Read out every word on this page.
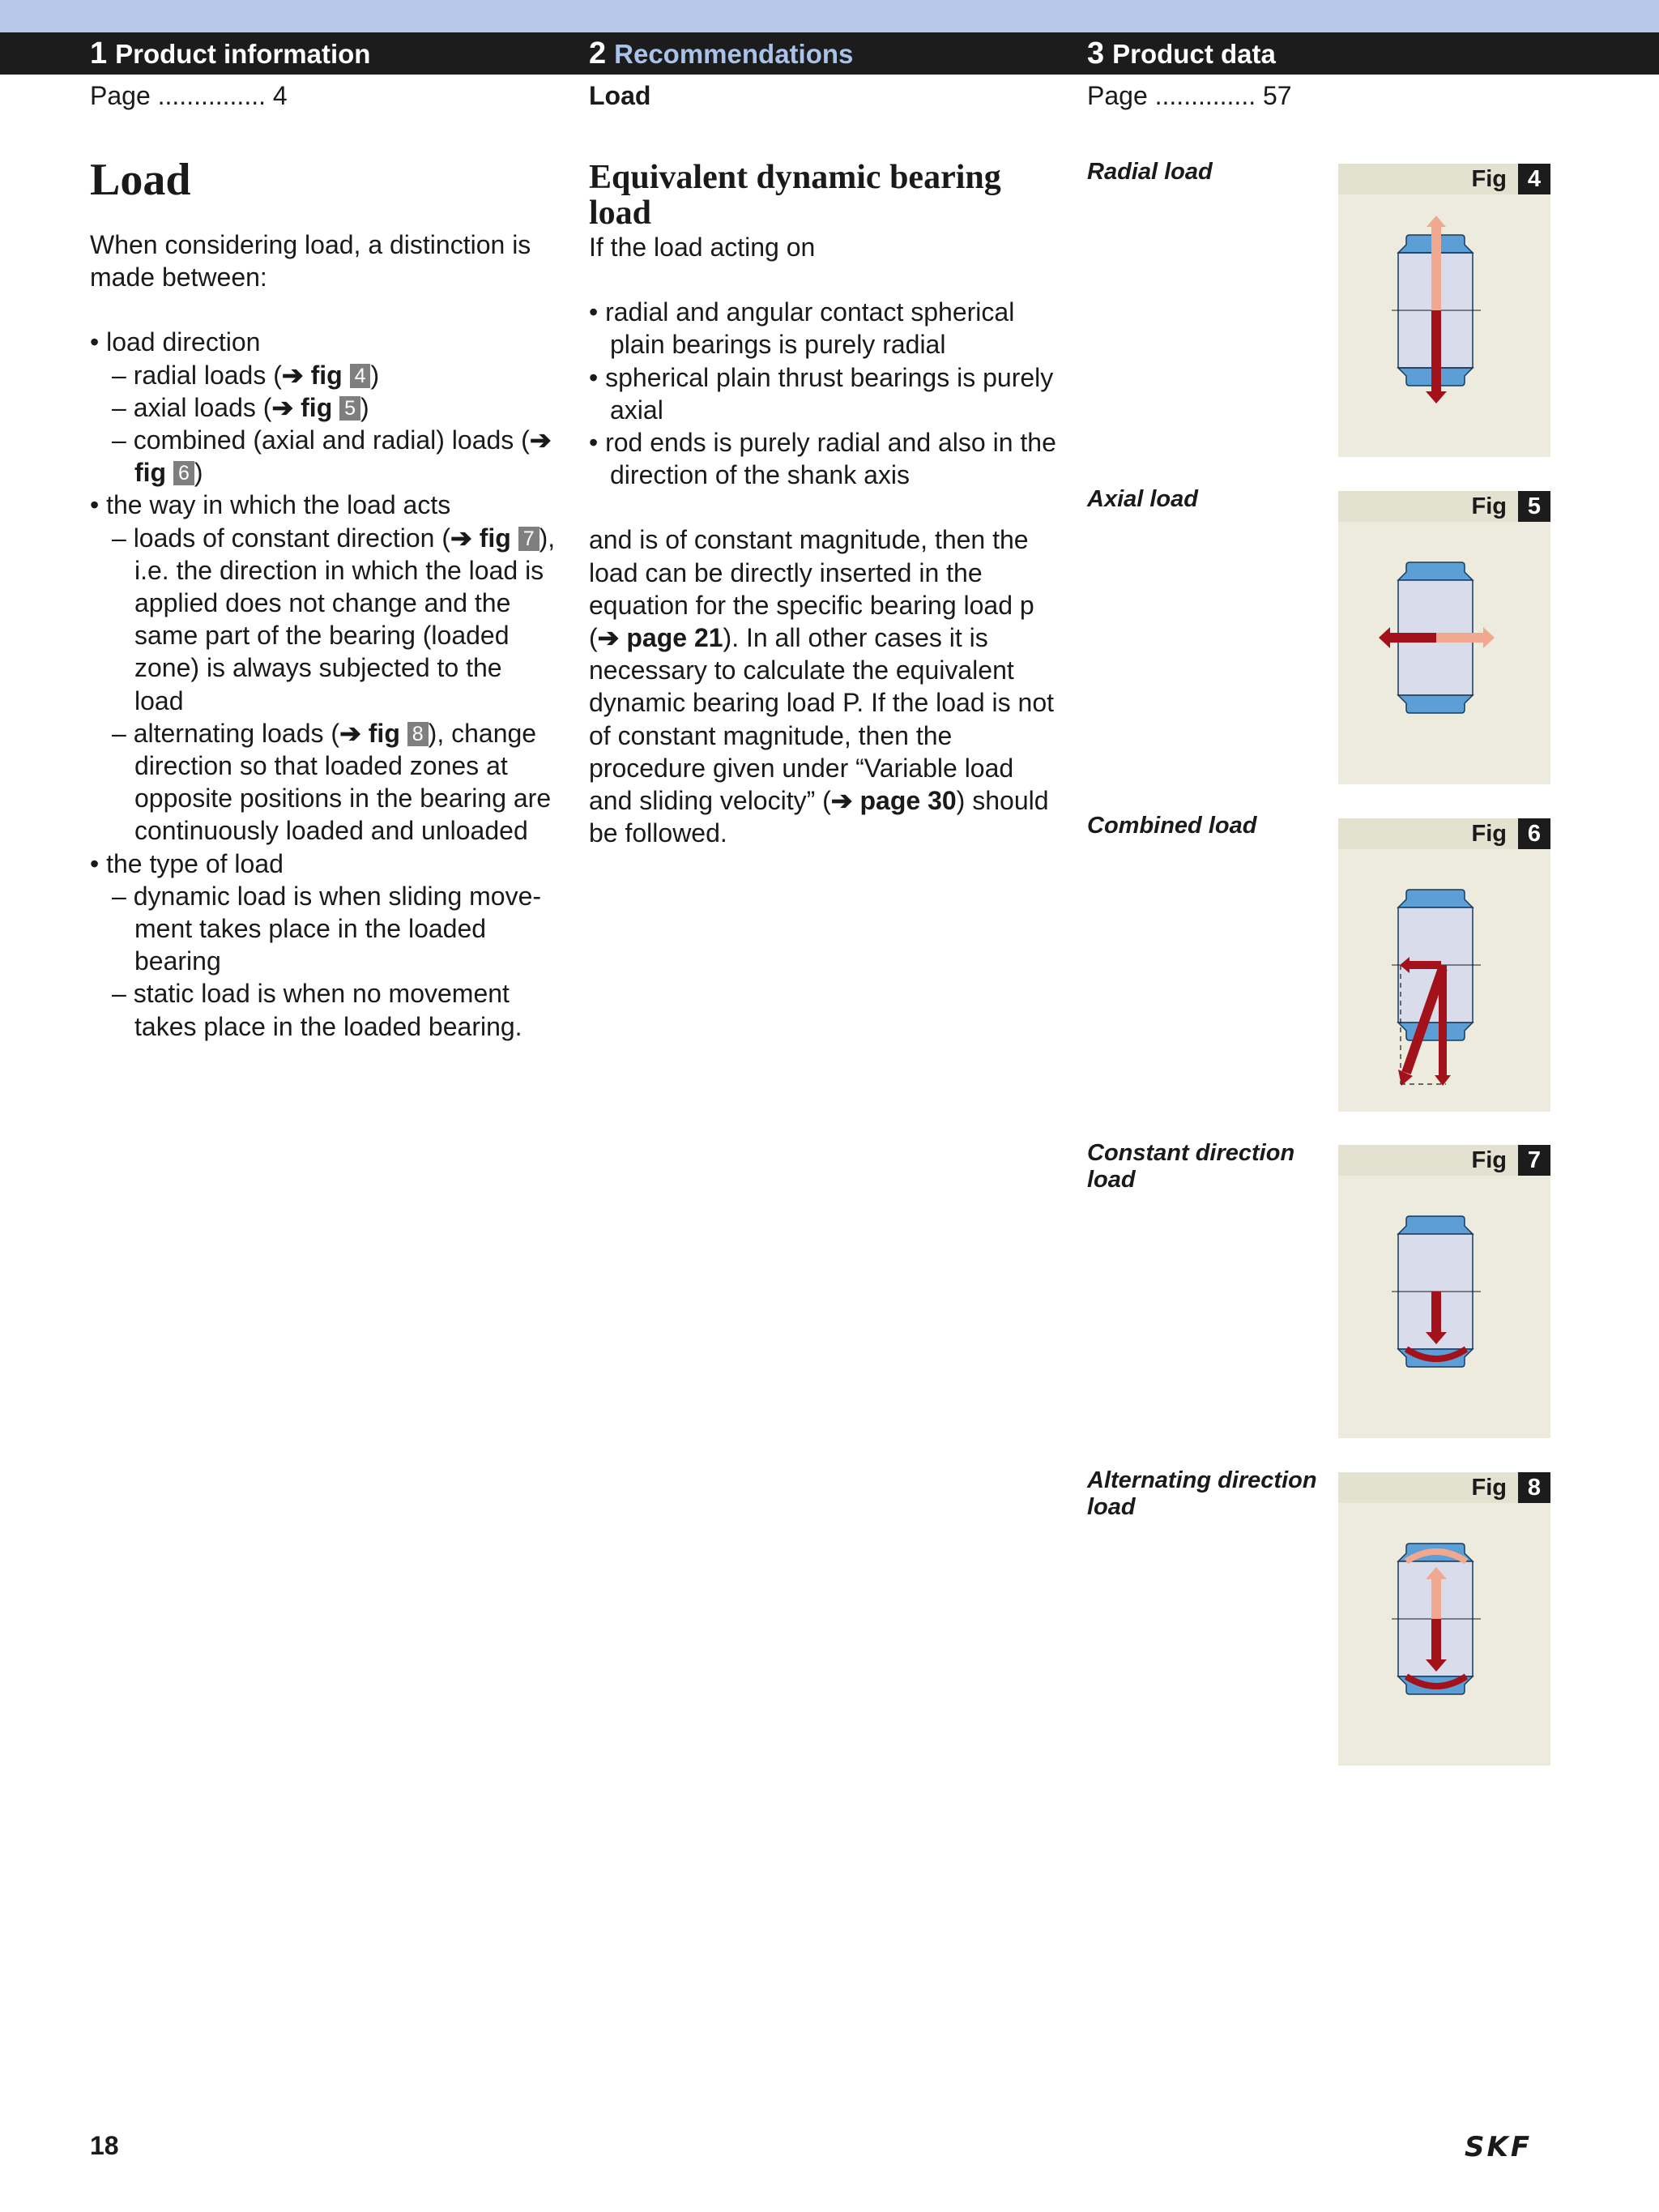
1 Product information	2 Recommendations	3 Product data
Page ............... 4	Load	Page .............. 57
Load

When considering load, a distinction is made between:

• load direction

– radial loads (➔ fig 4 )

– axial loads (➔ fig 5 )

– combined (axial and radial) loads (➔ fig 6 )

• the way in which the load acts

– loads of constant direction (➔ fig 7 ), i.e. the direction in which the load is applied does not change and the same part of the bearing (loaded zone) is always subjected to the load

– alternating loads (➔ fig 8 ), change direction so that loaded zones at opposite positions in the bearing are continuously loaded and unloaded

• the type of load

– dynamic load is when sliding move-ment takes place in the loaded bearing

– static load is when no movement takes place in the loaded bearing.

Equivalent dynamic bearing load

If the load acting on

• radial and angular contact spherical plain bearings is purely radial

• spherical plain thrust bearings is purely axial

• rod ends is purely radial and also in the direction of the shank axis

and is of constant magnitude, then the load can be directly inserted in the equation for the specific bearing load p (➔ page 21). In all other cases it is necessary to calculate the equivalent dynamic bearing load P. If the load is not of constant magnitude, then the procedure given under “Variable load and sliding velocity” (➔ page 30) should be followed.

Radial load
Axial load
Combined load
Constant direction load
Alternating direction load
Fig 4
Fig 5
Fig 6
Fig 7
Fig 8
18	SKF
